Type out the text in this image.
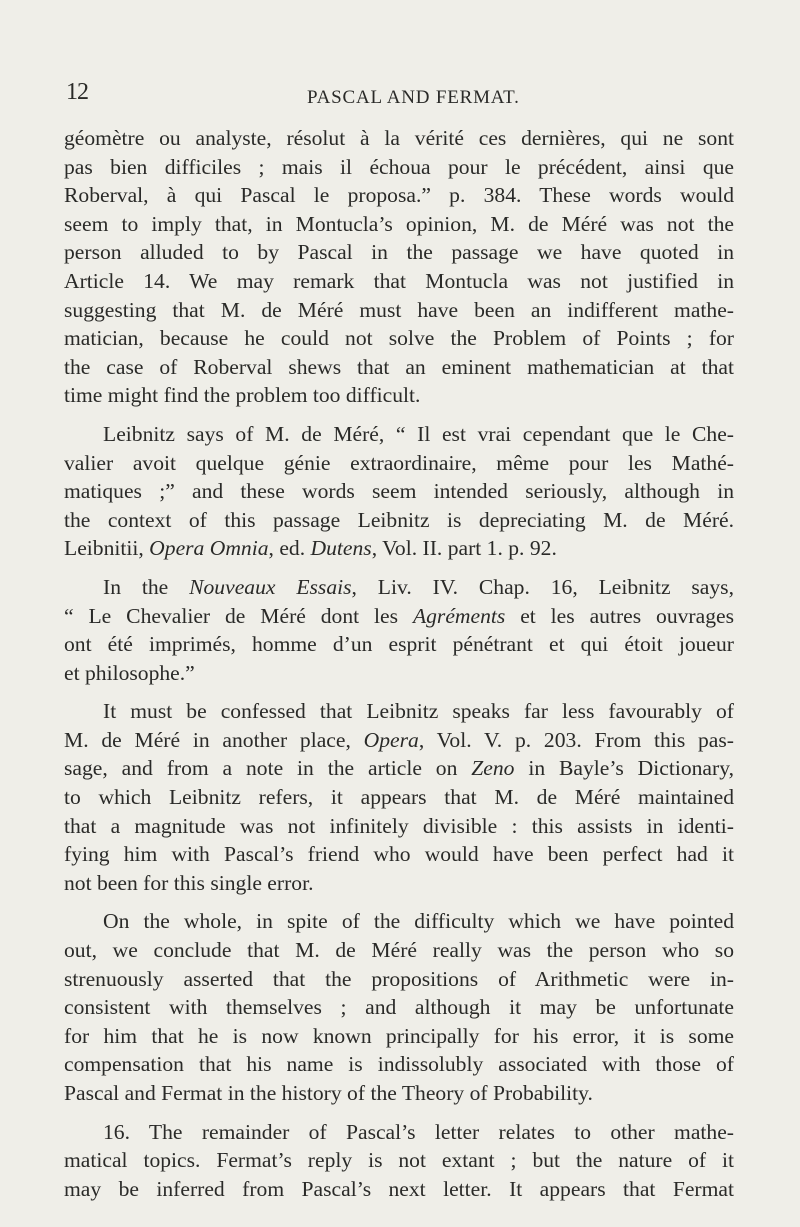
12	PASCAL AND FERMAT.
géomètre ou analyste, résolut à la vérité ces dernières, qui ne sont
pas bien difficiles ; mais il échoua pour le précédent, ainsi que
Roberval, à qui Pascal le proposa.” p. 384. These words would
seem to imply that, in Montucla’s opinion, M. de Méré was not the
person alluded to by Pascal in the passage we have quoted in
Article 14. We may remark that Montucla was not justified in
suggesting that M. de Méré must have been an indifferent mathe-
matician, because he could not solve the Problem of Points ; for
the case of Roberval shews that an eminent mathematician at that
time might find the problem too difficult.
Leibnitz says of M. de Méré, “ Il est vrai cependant que le Che-
valier avoit quelque génie extraordinaire, même pour les Mathé-
matiques ;” and these words seem intended seriously, although in
the context of this passage Leibnitz is depreciating M. de Méré.
Leibnitii, Opera Omnia, ed. Dutens, Vol. II. part 1. p. 92.
In the Nouveaux Essais, Liv. IV. Chap. 16, Leibnitz says,
“ Le Chevalier de Méré dont les Agréments et les autres ouvrages
ont été imprimés, homme d’un esprit pénétrant et qui étoit joueur
et philosophe.”
It must be confessed that Leibnitz speaks far less favourably of
M. de Méré in another place, Opera, Vol. V. p. 203. From this pas-
sage, and from a note in the article on Zeno in Bayle’s Dictionary,
to which Leibnitz refers, it appears that M. de Méré maintained
that a magnitude was not infinitely divisible : this assists in identi-
fying him with Pascal’s friend who would have been perfect had it
not been for this single error.
On the whole, in spite of the difficulty which we have pointed
out, we conclude that M. de Méré really was the person who so
strenuously asserted that the propositions of Arithmetic were in-
consistent with themselves ; and although it may be unfortunate
for him that he is now known principally for his error, it is some
compensation that his name is indissolubly associated with those of
Pascal and Fermat in the history of the Theory of Probability.
16. The remainder of Pascal’s letter relates to other mathe-
matical topics. Fermat’s reply is not extant ; but the nature of it
may be inferred from Pascal’s next letter. It appears that Fermat
